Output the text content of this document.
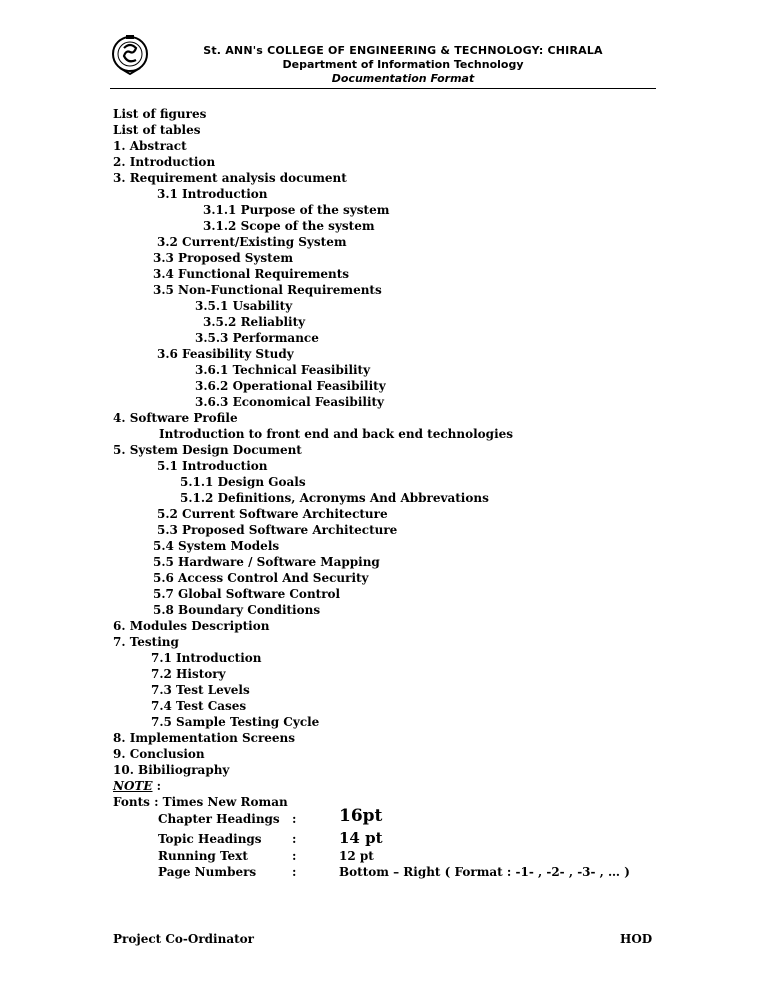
St. ANN's COLLEGE OF ENGINEERING & TECHNOLOGY: CHIRALA
Department of Information Technology
Documentation Format
List of figures
List of tables
1. Abstract
2. Introduction
3. Requirement analysis document
3.1 Introduction
3.1.1 Purpose of the system
3.1.2 Scope of the system
3.2 Current/Existing System
3.3 Proposed System
3.4 Functional Requirements
3.5 Non-Functional Requirements
3.5.1 Usability
3.5.2 Reliablity
3.5.3 Performance
3.6 Feasibility Study
3.6.1 Technical Feasibility
3.6.2 Operational Feasibility
3.6.3 Economical Feasibility
4. Software Profile
Introduction to front end and back end technologies
5. System Design Document
5.1 Introduction
5.1.1 Design Goals
5.1.2 Definitions, Acronyms And Abbrevations
5.2 Current Software Architecture
5.3 Proposed Software Architecture
5.4 System Models
5.5 Hardware / Software Mapping
5.6 Access Control And Security
5.7 Global Software Control
5.8 Boundary Conditions
6. Modules Description
7. Testing
7.1 Introduction
7.2 History
7.3 Test Levels
7.4 Test Cases
7.5 Sample Testing Cycle
8. Implementation Screens
9. Conclusion
10. Bibiliography
NOTE :
Fonts : Times New Roman
Chapter Headings :	16pt
Topic Headings	:	14 pt
Running Text	:	12 pt
Page Numbers	:	Bottom – Right ( Format : -1- , -2- , -3- , … )
Project Co-Ordinator	HOD
